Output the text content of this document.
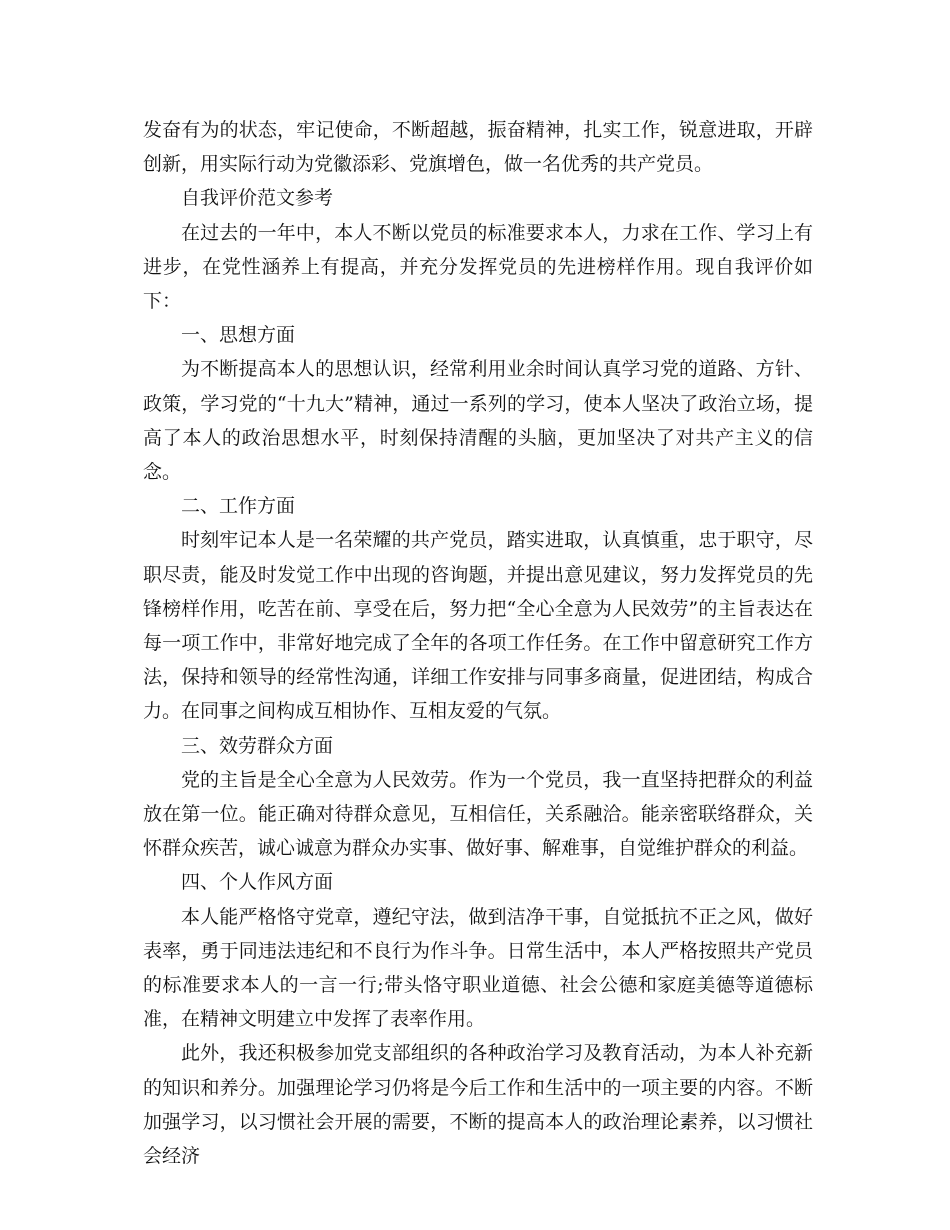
发奋有为的状态，牢记使命，不断超越，振奋精神，扎实工作，锐意进取，开辟创新，用实际行动为党徽添彩、党旗增色，做一名优秀的共产党员。

自我评价范文参考

在过去的一年中，本人不断以党员的标准要求本人，力求在工作、学习上有进步，在党性涵养上有提高，并充分发挥党员的先进榜样作用。现自我评价如下：

一、思想方面

为不断提高本人的思想认识，经常利用业余时间认真学习党的道路、方针、政策，学习党的“十九大”精神，通过一系列的学习，使本人坚决了政治立场，提高了本人的政治思想水平，时刻保持清醒的头脑，更加坚决了对共产主义的信念。

二、工作方面

时刻牢记本人是一名荣耀的共产党员，踏实进取，认真慎重，忠于职守，尽职尽责，能及时发觉工作中出现的咨询题，并提出意见建议，努力发挥党员的先锋榜样作用，吃苦在前、享受在后，努力把“全心全意为人民效劳”的主旨表达在每一项工作中，非常好地完成了全年的各项工作任务。在工作中留意研究工作方法，保持和领导的经常性沟通，详细工作安排与同事多商量，促进团结，构成合力。在同事之间构成互相协作、互相友爱的气氛。

三、效劳群众方面

党的主旨是全心全意为人民效劳。作为一个党员，我一直坚持把群众的利益放在第一位。能正确对待群众意见，互相信任，关系融洽。能亲密联络群众，关怀群众疾苦，诚心诚意为群众办实事、做好事、解难事，自觉维护群众的利益。

四、个人作风方面

本人能严格恪守党章，遵纪守法，做到洁净干事，自觉抵抗不正之风，做好表率，勇于同违法违纪和不良行为作斗争。日常生活中，本人严格按照共产党员的标准要求本人的一言一行;带头恪守职业道德、社会公德和家庭美德等道德标准，在精神文明建立中发挥了表率作用。

此外，我还积极参加党支部组织的各种政治学习及教育活动，为本人补充新的知识和养分。加强理论学习仍将是今后工作和生活中的一项主要的内容。不断加强学习，以习惯社会开展的需要，不断的提高本人的政治理论素养，以习惯社会经济
